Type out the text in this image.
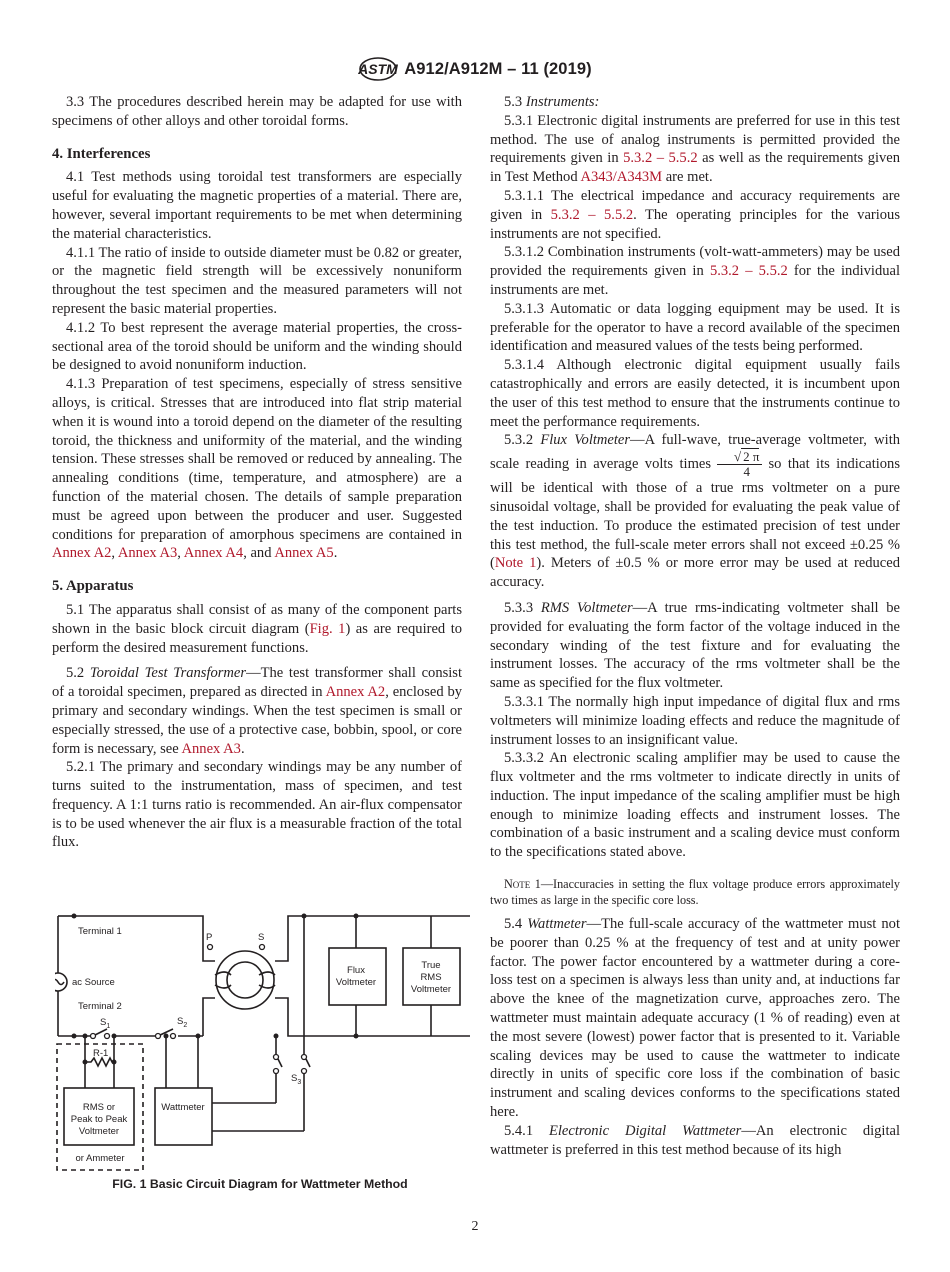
ASTM A912/A912M – 11 (2019)

3.3 The procedures described herein may be adapted for use with specimens of other alloys and other toroidal forms.

4. Interferences

4.1 Test methods using toroidal test transformers are especially useful for evaluating the magnetic properties of a material. There are, however, several important requirements to be met when determining the material characteristics.

4.1.1 The ratio of inside to outside diameter must be 0.82 or greater, or the magnetic field strength will be excessively nonuniform throughout the test specimen and the measured parameters will not represent the basic material properties.

4.1.2 To best represent the average material properties, the cross-sectional area of the toroid should be uniform and the winding should be designed to avoid nonuniform induction.

4.1.3 Preparation of test specimens, especially of stress sensitive alloys, is critical. Stresses that are introduced into flat strip material when it is wound into a toroid depend on the diameter of the resulting toroid, the thickness and uniformity of the material, and the winding tension. These stresses shall be removed or reduced by annealing. The annealing conditions (time, temperature, and atmosphere) are a function of the material chosen. The details of sample preparation must be agreed upon between the producer and user. Suggested conditions for preparation of amorphous specimens are contained in Annex A2, Annex A3, Annex A4, and Annex A5.

5. Apparatus

5.1 The apparatus shall consist of as many of the component parts shown in the basic block circuit diagram (Fig. 1) as are required to perform the desired measurement functions.

5.2 Toroidal Test Transformer—The test transformer shall consist of a toroidal specimen, prepared as directed in Annex A2, enclosed by primary and secondary windings. When the test specimen is small or especially stressed, the use of a protective case, bobbin, spool, or core form is necessary, see Annex A3.

5.2.1 The primary and secondary windings may be any number of turns suited to the instrumentation, mass of specimen, and test frequency. A 1:1 turns ratio is recommended. An air-flux compensator is to be used whenever the air flux is a measurable fraction of the total flux.

Terminal 1
ac Source
Terminal 2
P	S
$S_1$	$S_2$
$S_3$
R-1
Flux
Voltmeter
True
RMS
Voltmeter
RMS or
Peak to Peak
Voltmeter
or Ammeter
Wattmeter
FIG. 1 Basic Circuit Diagram for Wattmeter Method

5.3 Instruments:

5.3.1 Electronic digital instruments are preferred for use in this test method. The use of analog instruments is permitted provided the requirements given in 5.3.2 – 5.5.2 as well as the requirements given in Test Method A343/A343M are met.

5.3.1.1 The electrical impedance and accuracy requirements are given in 5.3.2 – 5.5.2. The operating principles for the various instruments are not specified.

5.3.1.2 Combination instruments (volt-watt-ammeters) may be used provided the requirements given in 5.3.2 – 5.5.2 for the individual instruments are met.

5.3.1.3 Automatic or data logging equipment may be used. It is preferable for the operator to have a record available of the specimen identification and measured values of the tests being performed.

5.3.1.4 Although electronic digital equipment usually fails catastrophically and errors are easily detected, it is incumbent upon the user of this test method to ensure that the instruments continue to meet the performance requirements.

5.3.2 Flux Voltmeter—A full-wave, true-average voltmeter, with scale reading in average volts times $\frac{√ 2 \pi}{4}$ so that its indications will be identical with those of a true rms voltmeter on a pure sinusoidal voltage, shall be provided for evaluating the peak value of the test induction. To produce the estimated precision of test under this test method, the full-scale meter errors shall not exceed ±0.25 % (Note 1). Meters of ±0.5 % or more error may be used at reduced accuracy.

5.3.3 RMS Voltmeter—A true rms-indicating voltmeter shall be provided for evaluating the form factor of the voltage induced in the secondary winding of the test fixture and for evaluating the instrument losses. The accuracy of the rms voltmeter shall be the same as specified for the flux voltmeter.

5.3.3.1 The normally high input impedance of digital flux and rms voltmeters will minimize loading effects and reduce the magnitude of instrument losses to an insignificant value.

5.3.3.2 An electronic scaling amplifier may be used to cause the flux voltmeter and the rms voltmeter to indicate directly in units of induction. The input impedance of the scaling amplifier must be high enough to minimize loading effects and instrument losses. The combination of a basic instrument and a scaling device must conform to the specifications stated above.

Note 1—Inaccuracies in setting the flux voltage produce errors approximately two times as large in the specific core loss.

5.4 Wattmeter—The full-scale accuracy of the wattmeter must not be poorer than 0.25 % at the frequency of test and at unity power factor. The power factor encountered by a wattmeter during a core-loss test on a specimen is always less than unity and, at inductions far above the knee of the magnetization curve, approaches zero. The wattmeter must maintain adequate accuracy (1 % of reading) even at the most severe (lowest) power factor that is presented to it. Variable scaling devices may be used to cause the wattmeter to indicate directly in units of specific core loss if the combination of basic instrument and scaling devices conforms to the specifications stated here.

5.4.1 Electronic Digital Wattmeter—An electronic digital wattmeter is preferred in this test method because of its high

2
